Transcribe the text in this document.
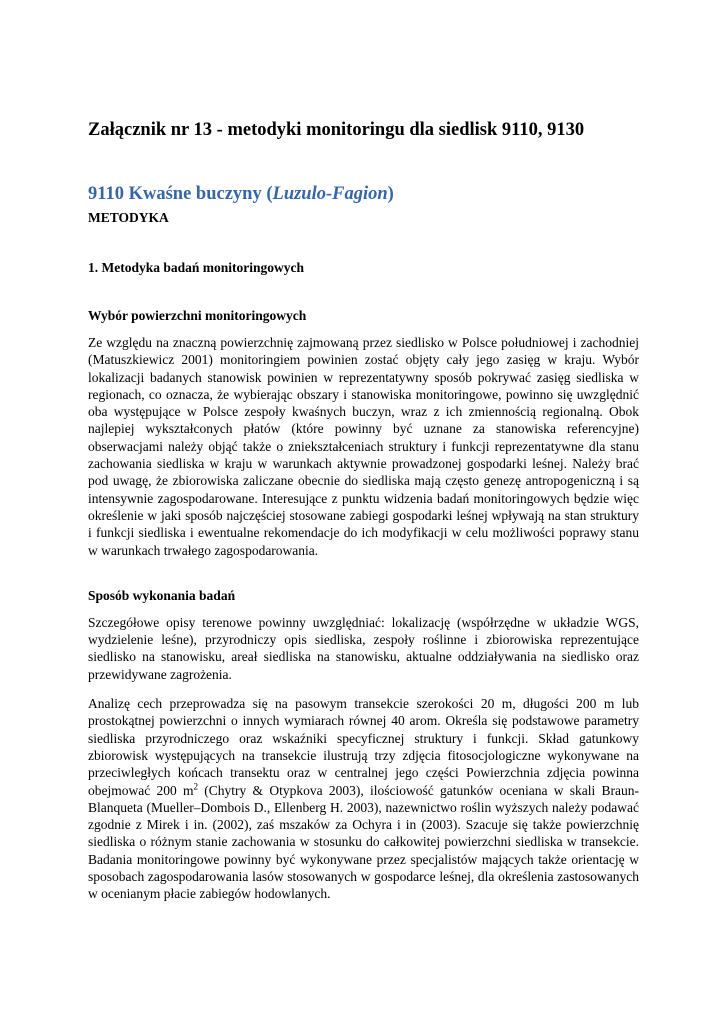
Załącznik nr 13 - metodyki monitoringu dla siedlisk 9110, 9130
9110 Kwaśne buczyny (Luzulo-Fagion)
METODYKA
1. Metodyka badań monitoringowych
Wybór powierzchni monitoringowych

Ze względu na znaczną powierzchnię zajmowaną przez siedlisko w Polsce południowej i zachodniej (Matuszkiewicz 2001) monitoringiem powinien zostać objęty cały jego zasięg w kraju. Wybór lokalizacji badanych stanowisk powinien w reprezentatywny sposób pokrywać zasięg siedliska w regionach, co oznacza, że wybierając obszary i stanowiska monitoringowe, powinno się uwzględnić oba występujące w Polsce zespoły kwaśnych buczyn, wraz z ich zmiennością regionalną. Obok najlepiej wykształconych płatów (które powinny być uznane za stanowiska referencyjne) obserwacjami należy objąć także o zniekształceniach struktury i funkcji reprezentatywne dla stanu zachowania siedliska w kraju w warunkach aktywnie prowadzonej gospodarki leśnej. Należy brać pod uwagę, że zbiorowiska zaliczane obecnie do siedliska mają często genezę antropogeniczną i są intensywnie zagospodarowane. Interesujące z punktu widzenia badań monitoringowych będzie więc określenie w jaki sposób najczęściej stosowane zabiegi gospodarki leśnej wpływają na stan struktury i funkcji siedliska i ewentualne rekomendacje do ich modyfikacji w celu możliwości poprawy stanu w warunkach trwałego zagospodarowania.

Sposób wykonania badań

Szczegółowe opisy terenowe powinny uwzględniać: lokalizację (współrzędne w układzie WGS, wydzielenie leśne), przyrodniczy opis siedliska, zespoły roślinne i zbiorowiska reprezentujące siedlisko na stanowisku, areał siedliska na stanowisku, aktualne oddziaływania na siedlisko oraz przewidywane zagrożenia.

Analizę cech przeprowadza się na pasowym transekcie szerokości 20 m, długości 200 m lub prostokątnej powierzchni o innych wymiarach równej 40 arom. Określa się podstawowe parametry siedliska przyrodniczego oraz wskaźniki specyficznej struktury i funkcji. Skład gatunkowy zbiorowisk występujących na transekcie ilustrują trzy zdjęcia fitosocjologiczne wykonywane na przeciwległych końcach transektu oraz w centralnej jego części Powierzchnia zdjęcia powinna obejmować 200 $m^2$ (Chytry & Otypkova 2003), ilościowość gatunków oceniana w skali Braun-Blanqueta (Mueller–Dombois D., Ellenberg H. 2003), nazewnictwo roślin wyższych należy podawać zgodnie z Mirek i in. (2002), zaś mszaków za Ochyra i in (2003). Szacuje się także powierzchnię siedliska o różnym stanie zachowania w stosunku do całkowitej powierzchni siedliska w transekcie. Badania monitoringowe powinny być wykonywane przez specjalistów mających także orientację w sposobach zagospodarowania lasów stosowanych w gospodarce leśnej, dla określenia zastosowanych w ocenianym płacie zabiegów hodowlanych.
